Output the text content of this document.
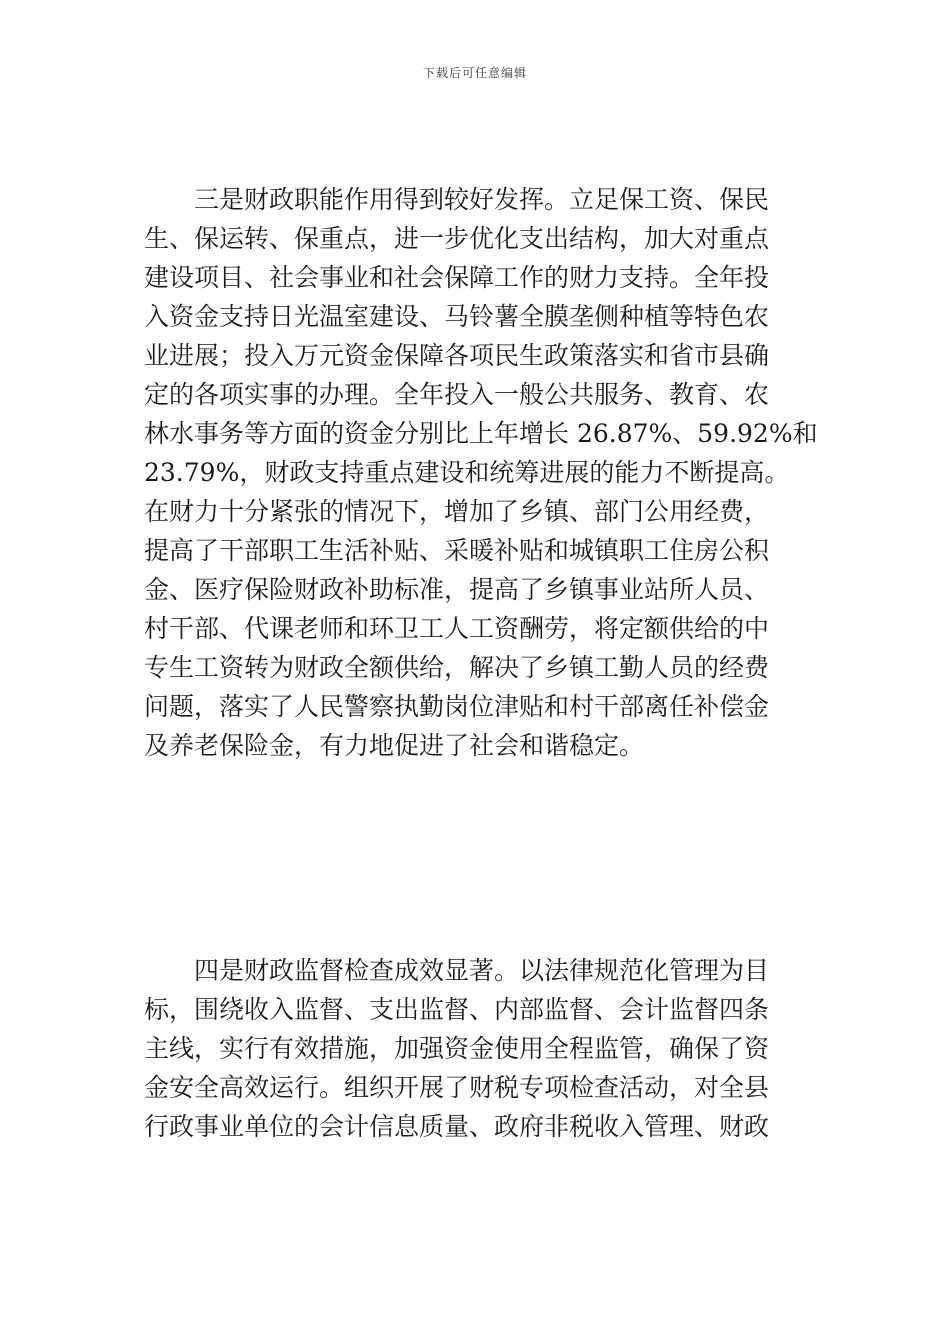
下载后可任意编辑
三是财政职能作用得到较好发挥。立足保工资、保民
生、保运转、保重点，进一步优化支出结构，加大对重点
建设项目、社会事业和社会保障工作的财力支持。全年投
入资金支持日光温室建设、马铃薯全膜垄侧种植等特色农
业进展；投入万元资金保障各项民生政策落实和省市县确
定的各项实事的办理。全年投入一般公共服务、教育、农
林水事务等方面的资金分别比上年增长 26.87%、59.92%和
23.79%，财政支持重点建设和统筹进展的能力不断提高。
在财力十分紧张的情况下，增加了乡镇、部门公用经费，
提高了干部职工生活补贴、采暖补贴和城镇职工住房公积
金、医疗保险财政补助标准，提高了乡镇事业站所人员、
村干部、代课老师和环卫工人工资酬劳，将定额供给的中
专生工资转为财政全额供给，解决了乡镇工勤人员的经费
问题，落实了人民警察执勤岗位津贴和村干部离任补偿金
及养老保险金，有力地促进了社会和谐稳定。
四是财政监督检查成效显著。以法律规范化管理为目
标，围绕收入监督、支出监督、内部监督、会计监督四条
主线，实行有效措施，加强资金使用全程监管，确保了资
金安全高效运行。组织开展了财税专项检查活动，对全县
行政事业单位的会计信息质量、政府非税收入管理、财政
